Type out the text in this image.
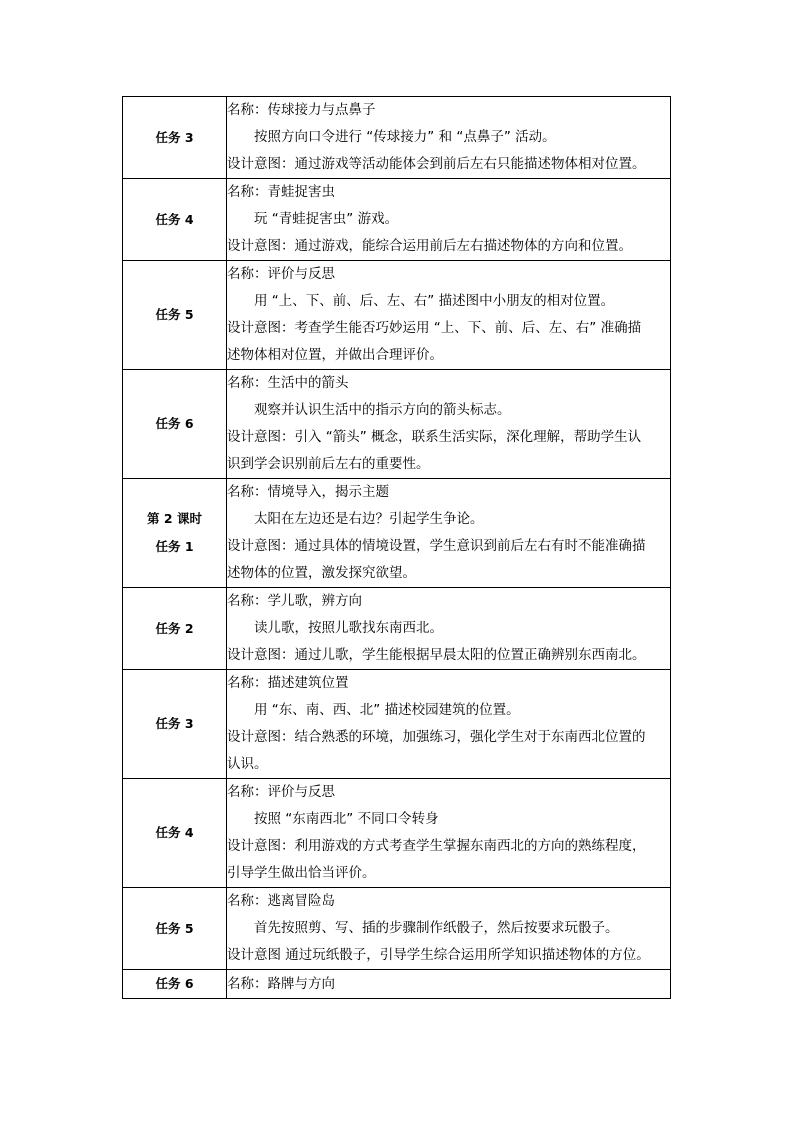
任务 3	名称：传球接力与点鼻子
按照方向口令进行 “传球接力” 和 “点鼻子” 活动。
设计意图：通过游戏等活动能体会到前后左右只能描述物体相对位置。

任务 4	名称：青蛙捉害虫
玩 “青蛙捉害虫” 游戏。
设计意图：通过游戏，能综合运用前后左右描述物体的方向和位置。

任务 5	名称：评价与反思
用 “上、下、前、后、左、右” 描述图中小朋友的相对位置。
设计意图：考查学生能否巧妙运用 “上、下、前、后、左、右” 准确描
述物体相对位置，并做出合理评价。

任务 6	名称：生活中的箭头
观察并认识生活中的指示方向的箭头标志。
设计意图：引入 “箭头” 概念，联系生活实际，深化理解，帮助学生认
识到学会识别前后左右的重要性。

第 2 课时
任务 1	名称：情境导入，揭示主题
太阳在左边还是右边？引起学生争论。
设计意图：通过具体的情境设置，学生意识到前后左右有时不能准确描
述物体的位置，激发探究欲望。

任务 2	名称：学儿歌，辨方向
读儿歌，按照儿歌找东南西北。
设计意图：通过儿歌，学生能根据早晨太阳的位置正确辨别东西南北。

任务 3	名称：描述建筑位置
用 “东、南、西、北” 描述校园建筑的位置。
设计意图：结合熟悉的环境，加强练习，强化学生对于东南西北位置的
认识。

任务 4	名称：评价与反思
按照 “东南西北” 不同口令转身
设计意图：利用游戏的方式考查学生掌握东南西北的方向的熟练程度，
引导学生做出恰当评价。

任务 5	名称：逃离冒险岛
首先按照剪、写、插的步骤制作纸骰子，然后按要求玩骰子。
设计意图 通过玩纸骰子，引导学生综合运用所学知识描述物体的方位。

任务 6	名称：路牌与方向
